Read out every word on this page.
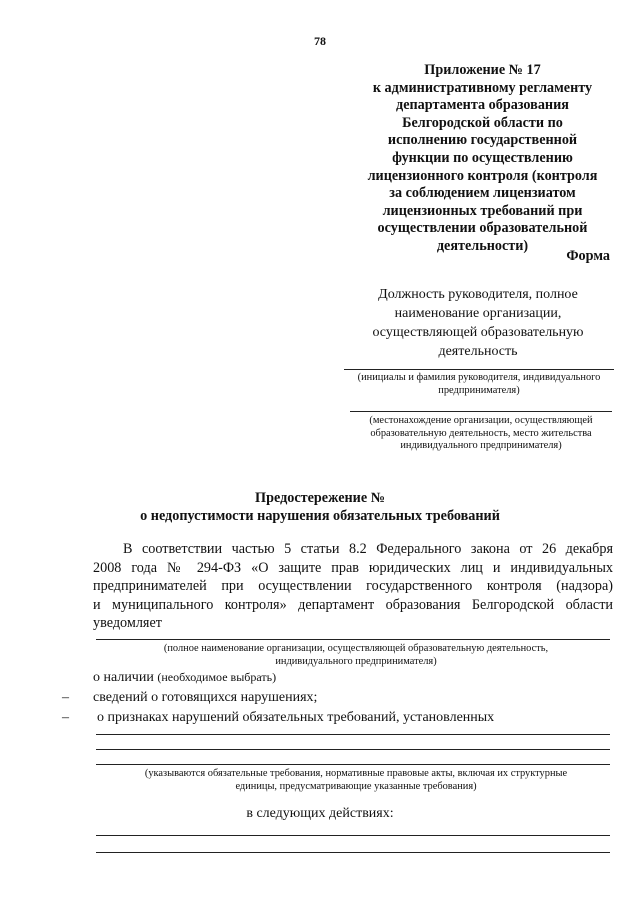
78
Приложение № 17
к административному регламенту
департамента образования
Белгородской области по
исполнению государственной
функции по осуществлению
лицензионного контроля (контроля
за соблюдением лицензиатом
лицензионных требований при
осуществлении образовательной
деятельности)
Форма
Должность руководителя, полное
наименование организации,
осуществляющей образовательную
деятельность
(инициалы и фамилия руководителя, индивидуального
предпринимателя)
(местонахождение организации, осуществляющей
образовательную деятельность, место жительства
индивидуального предпринимателя)
Предостережение №
о недопустимости нарушения обязательных требований
В соответствии частью 5 статьи 8.2 Федерального закона от 26 декабря
2008 года № 294-ФЗ «О защите прав юридических лиц и индивидуальных
предпринимателей при осуществлении государственного контроля (надзора)
и муниципального контроля» департамент образования Белгородской области
уведомляет
(полное наименование организации, осуществляющей образовательную деятельность,
индивидуального предпринимателя)
о наличии (необходимое выбрать)
– сведений о готовящихся нарушениях;
– о признаках нарушений обязательных требований, установленных
(указываются обязательные требования, нормативные правовые акты, включая их структурные
единицы, предусматривающие указанные требования)
в следующих действиях:
